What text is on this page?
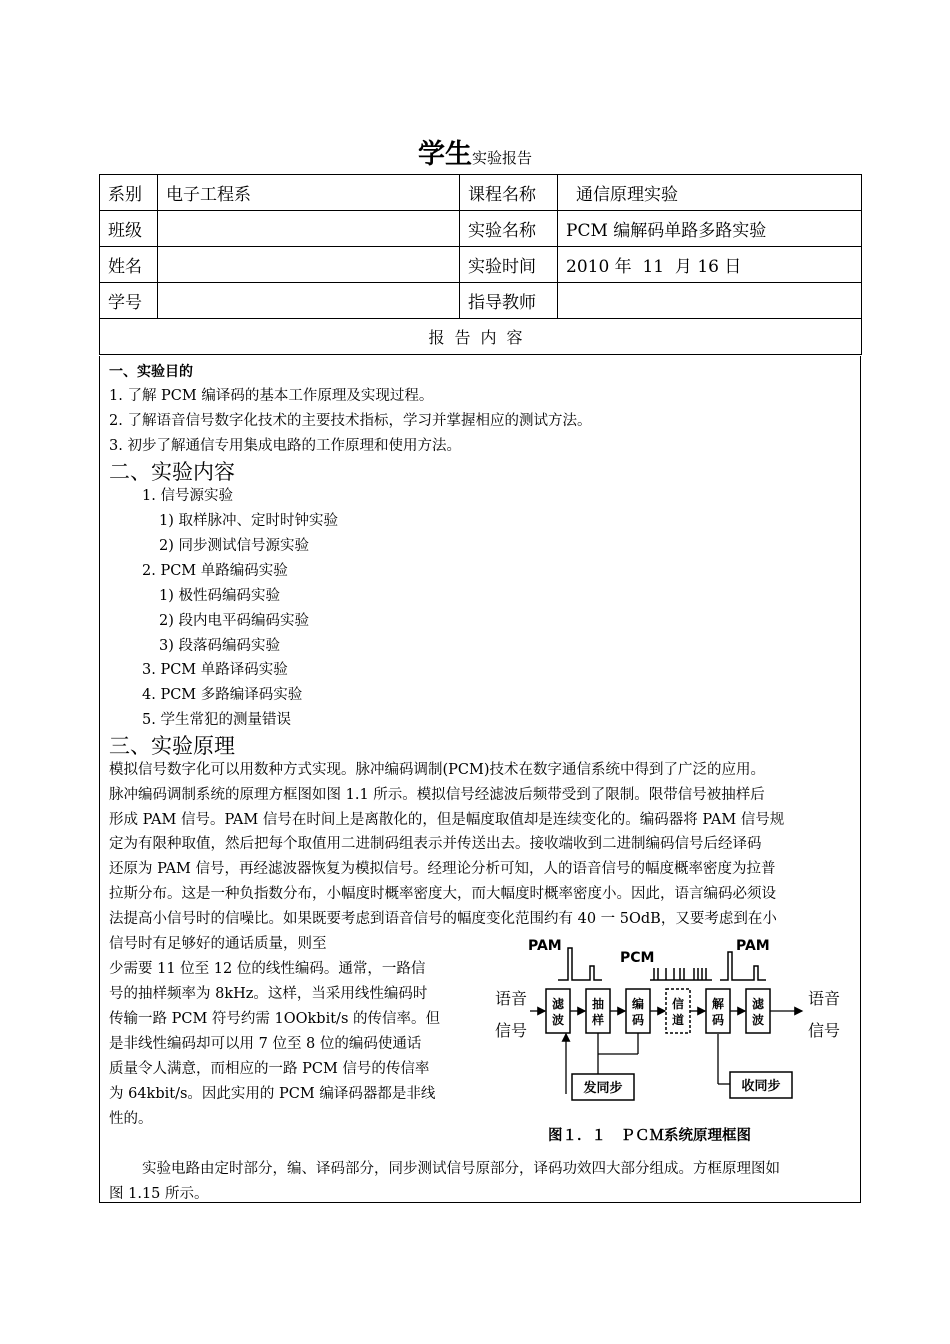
学生实验报告
系别	电子工程系	课程名称	通信原理实验
班级		实验名称	PCM 编解码单路多路实验
姓名		实验时间	2010 年  11  月 16 日
学号		指导教师	
报告内容			
一、实验目的
1. 了解 PCM 编译码的基本工作原理及实现过程。
2. 了解语音信号数字化技术的主要技术指标，学习并掌握相应的测试方法。
3. 初步了解通信专用集成电路的工作原理和使用方法。
二、实验内容
1. 信号源实验
1) 取样脉冲、定时时钟实验
2) 同步测试信号源实验
2. PCM 单路编码实验
1) 极性码编码实验
2) 段内电平码编码实验
3) 段落码编码实验
3. PCM 单路译码实验
4. PCM 多路编译码实验
5. 学生常犯的测量错误
三、实验原理
模拟信号数字化可以用数种方式实现。脉冲编码调制(PCM)技术在数字通信系统中得到了广泛的应用。
脉冲编码调制系统的原理方框图如图 1.1 所示。模拟信号经滤波后频带受到了限制。限带信号被抽样后
形成 PAM 信号。PAM 信号在时间上是离散化的，但是幅度取值却是连续变化的。编码器将 PAM 信号规
定为有限种取值，然后把每个取值用二进制码组表示并传送出去。接收端收到二进制编码信号后经译码
还原为 PAM 信号，再经滤波器恢复为模拟信号。经理论分析可知，人的语音信号的幅度概率密度为拉普
拉斯分布。这是一种负指数分布，小幅度时概率密度大，而大幅度时概率密度小。因此，语言编码必须设
法提高小信号时的信噪比。如果既要考虑到语音信号的幅度变化范围约有 40 一 5OdB，又要考虑到在小
信号时有足够好的通话质量，则至
少需要 11 位至 12 位的线性编码。通常，一路信
号的抽样频率为 8kHz。这样，当采用线性编码时
传输一路 PCM 符号约需 1OOkbit/s 的传信率。但
是非线性编码却可以用 7 位至 8 位的编码使通话
质量令人满意，而相应的一路 PCM 信号的传信率
为 64kbit/s。因此实用的 PCM 编译码器都是非线
性的。
PAM
PCM
PAM
语音
信号
语音
信号
滤
波
抽
样
编
码
信
道
解
码
滤
波
发同步	收同步
图１．１　ＰＣＭ系统原理框图
实验电路由定时部分，编、译码部分，同步测试信号原部分，译码功效四大部分组成。方框原理图如
图 1.15 所示。
